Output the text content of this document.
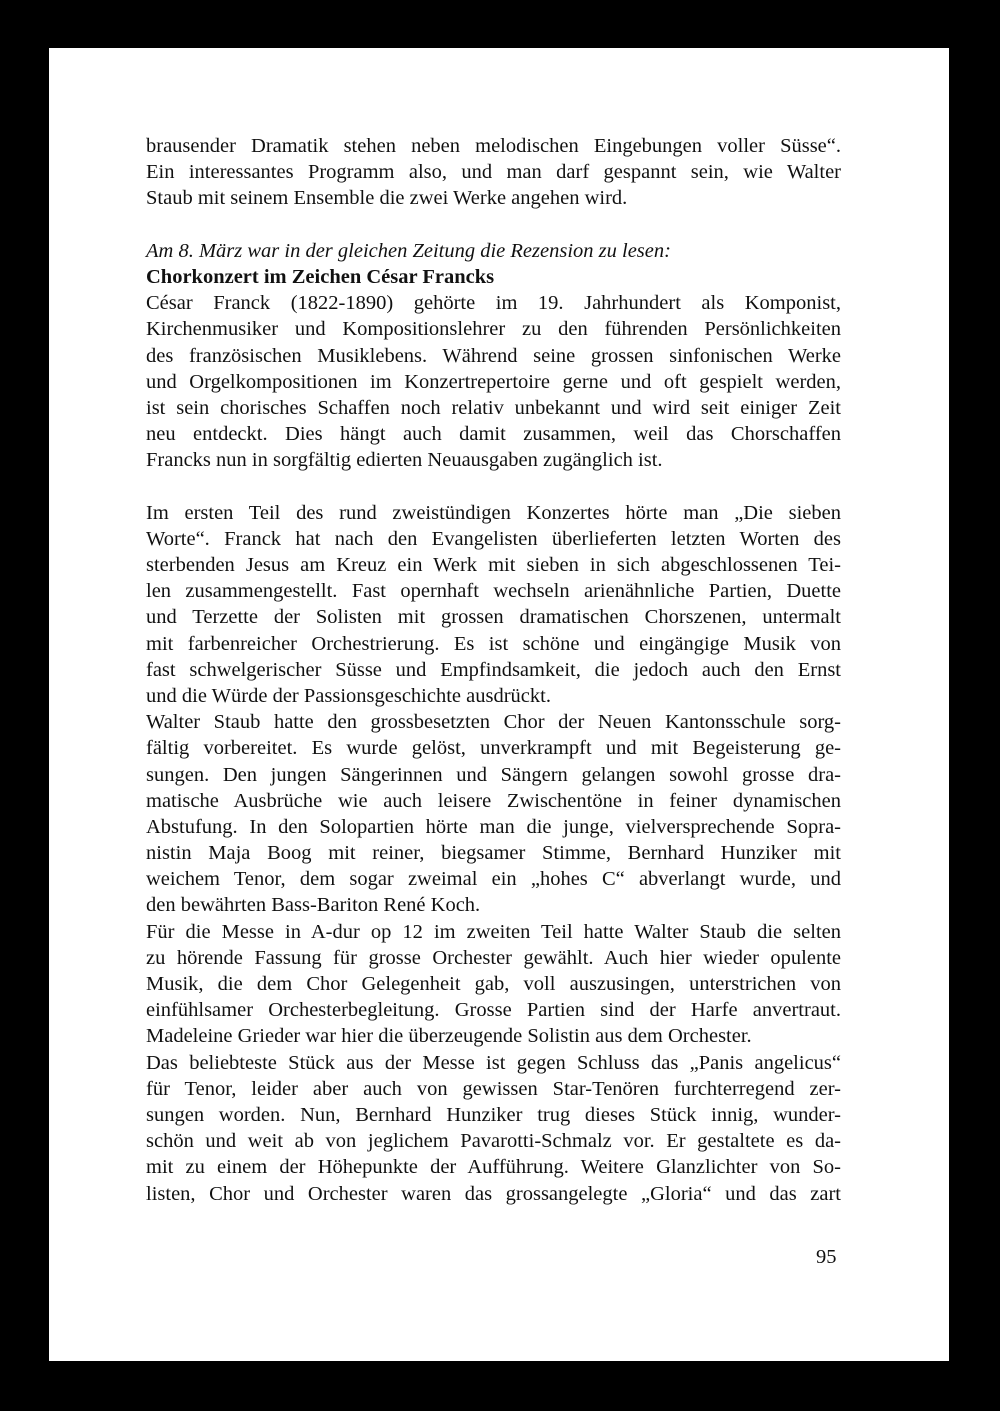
brausender Dramatik stehen neben melodischen Eingebungen voller Süsse“.
Ein interessantes Programm also, und man darf gespannt sein, wie Walter
Staub mit seinem Ensemble die zwei Werke angehen wird.
Am 8. März war in der gleichen Zeitung die Rezension zu lesen:
Chorkonzert im Zeichen César Francks
César Franck (1822-1890) gehörte im 19. Jahrhundert als Komponist,
Kirchenmusiker und Kompositionslehrer zu den führenden Persönlichkeiten
des französischen Musiklebens. Während seine grossen sinfonischen Werke
und Orgelkompositionen im Konzertrepertoire gerne und oft gespielt werden,
ist sein chorisches Schaffen noch relativ unbekannt und wird seit einiger Zeit
neu entdeckt. Dies hängt auch damit zusammen, weil das Chorschaffen
Francks nun in sorgfältig edierten Neuausgaben zugänglich ist.
Im ersten Teil des rund zweistündigen Konzertes hörte man „Die sieben
Worte“. Franck hat nach den Evangelisten überlieferten letzten Worten des
sterbenden Jesus am Kreuz ein Werk mit sieben in sich abgeschlossenen Tei-
len zusammengestellt. Fast opernhaft wechseln arienähnliche Partien, Duette
und Terzette der Solisten mit grossen dramatischen Chorszenen, untermalt
mit farbenreicher Orchestrierung. Es ist schöne und eingängige Musik von
fast schwelgerischer Süsse und Empfindsamkeit, die jedoch auch den Ernst
und die Würde der Passionsgeschichte ausdrückt.
Walter Staub hatte den grossbesetzten Chor der Neuen Kantonsschule sorg-
fältig vorbereitet. Es wurde gelöst, unverkrampft und mit Begeisterung ge-
sungen. Den jungen Sängerinnen und Sängern gelangen sowohl grosse dra-
matische Ausbrüche wie auch leisere Zwischentöne in feiner dynamischen
Abstufung. In den Solopartien hörte man die junge, vielversprechende Sopra-
nistin Maja Boog mit reiner, biegsamer Stimme, Bernhard Hunziker mit
weichem Tenor, dem sogar zweimal ein „hohes C“ abverlangt wurde, und
den bewährten Bass-Bariton René Koch.
Für die Messe in A-dur op 12 im zweiten Teil hatte Walter Staub die selten
zu hörende Fassung für grosse Orchester gewählt. Auch hier wieder opulente
Musik, die dem Chor Gelegenheit gab, voll auszusingen, unterstrichen von
einfühlsamer Orchesterbegleitung. Grosse Partien sind der Harfe anvertraut.
Madeleine Grieder war hier die überzeugende Solistin aus dem Orchester.
Das beliebteste Stück aus der Messe ist gegen Schluss das „Panis angelicus“
für Tenor, leider aber auch von gewissen Star-Tenören furchterregend zer-
sungen worden. Nun, Bernhard Hunziker trug dieses Stück innig, wunder-
schön und weit ab von jeglichem Pavarotti-Schmalz vor. Er gestaltete es da-
mit zu einem der Höhepunkte der Aufführung. Weitere Glanzlichter von So-
listen, Chor und Orchester waren das grossangelegte „Gloria“ und das zart
95
